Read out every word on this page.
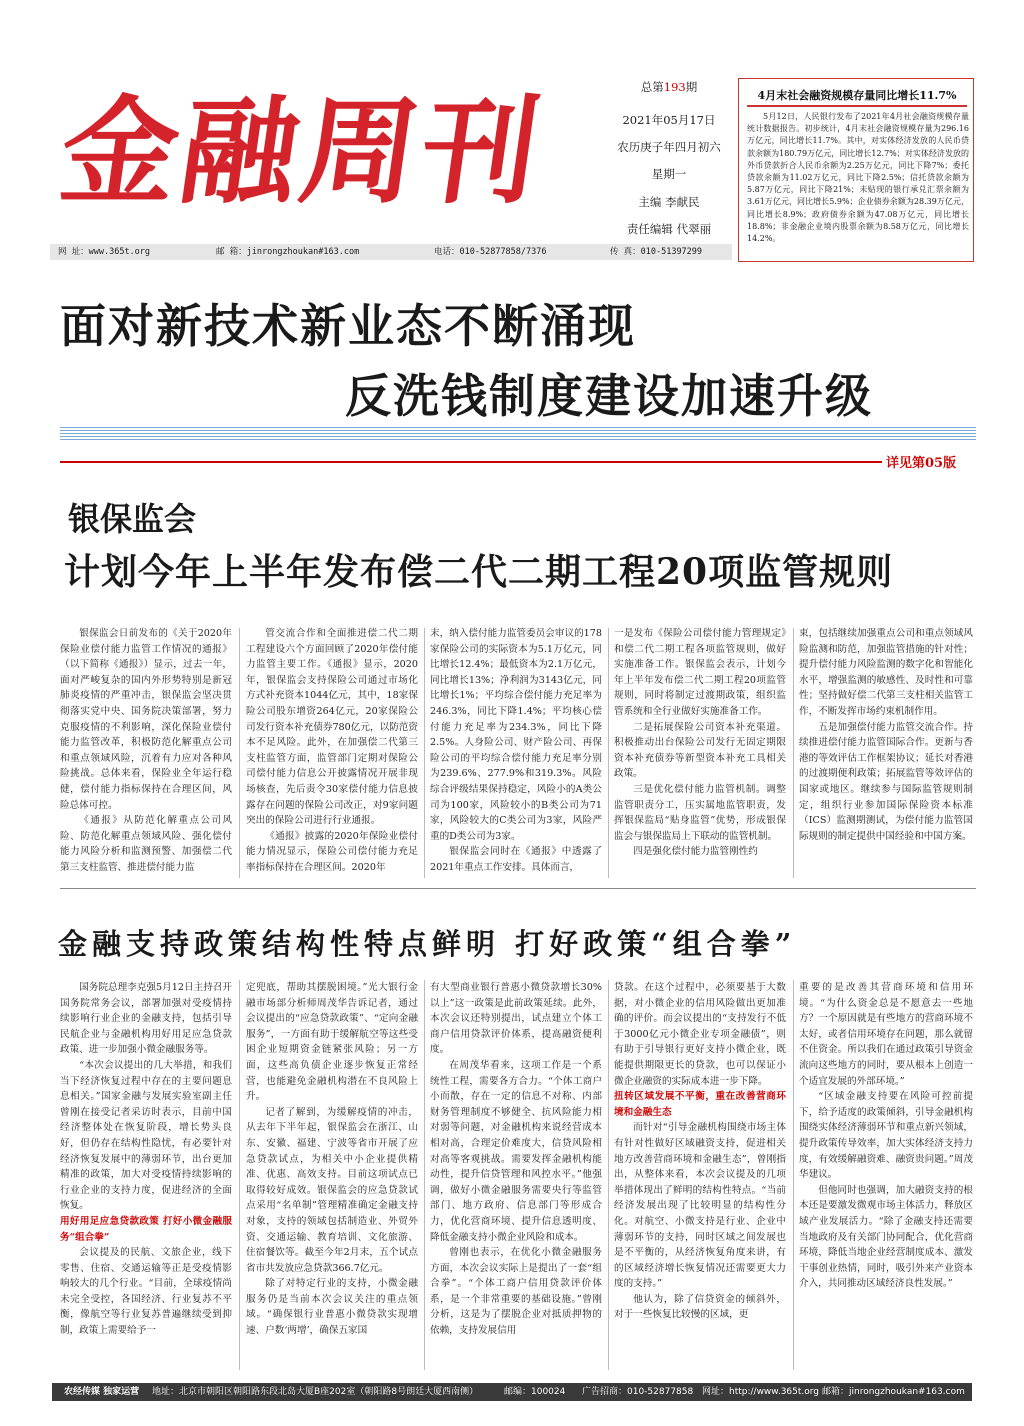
金融周刊	总第193期
2021年05月17日
农历庚子年四月初六
星期一
主编 李献民
责任编辑 代翠丽
4月末社会融资规模存量同比增长11.7%
5月12日，人民银行发布了2021年4月社会融资规模存量统计数据报告。初步统计，4月末社会融资规模存量为296.16万亿元，同比增长11.7%。其中，对实体经济发放的人民币贷款余额为180.79万亿元，同比增长12.7%；对实体经济发放的外币贷款折合人民币余额为2.25万亿元，同比下降7%；委托贷款余额为11.02万亿元，同比下降2.5%；信托贷款余额为5.87万亿元，同比下降21%；未贴现的银行承兑汇票余额为3.61万亿元，同比增长5.9%；企业债券余额为28.39万亿元，同比增长8.9%；政府债券余额为47.08万亿元，同比增长18.8%；非金融企业境内股票余额为8.58万亿元，同比增长14.2%。
网 址：www.365t.org	邮 箱：jinrongzhoukan#163.com	电话：010-52877858/7376	传 真：010-51397299
面对新技术新业态不断涌现
反洗钱制度建设加速升级
详见第05版
银保监会
计划今年上半年发布偿二代二期工程20项监管规则

银保监会日前发布的《关于2020年保险业偿付能力监管工作情况的通报》（以下简称《通报》）显示，过去一年，面对严峻复杂的国内外形势特别是新冠肺炎疫情的严重冲击，银保监会坚决贯彻落实党中央、国务院决策部署，努力克服疫情的不利影响，深化保险业偿付能力监管改革，积极防范化解重点公司和重点领域风险，沉着有力应对各种风险挑战。总体来看，保险业全年运行稳健，偿付能力指标保持在合理区间，风险总体可控。

《通报》从防范化解重点公司风险、防范化解重点领域风险、强化偿付能力风险分析和监测预警、加强偿二代第三支柱监管、推进偿付能力监

管交流合作和全面推进偿二代二期工程建设六个方面回顾了2020年偿付能力监管主要工作。《通报》显示，2020年，银保监会支持保险公司通过市场化方式补充资本1044亿元，其中，18家保险公司股东增资264亿元，20家保险公司发行资本补充债券780亿元，以防范资本不足风险。此外，在加强偿二代第三支柱监管方面，监管部门定期对保险公司偿付能力信息公开披露情况开展非现场核查，先后责令30家偿付能力信息披露存在问题的保险公司改正，对9家问题突出的保险公司进行行业通报。

《通报》披露的2020年保险业偿付能力情况显示，保险公司偿付能力充足率指标保持在合理区间。2020年

末，纳入偿付能力监管委员会审议的178家保险公司的实际资本为5.1万亿元，同比增长12.4%；最低资本为2.1万亿元，同比增长13%；净利润为3143亿元，同比增长1%；平均综合偿付能力充足率为246.3%，同比下降1.4%；平均核心偿付能力充足率为234.3%，同比下降2.5%。人身险公司、财产险公司、再保险公司的平均综合偿付能力充足率分别为239.6%、277.9%和319.3%。风险综合评级结果保持稳定，风险小的A类公司为100家，风险较小的B类公司为71家，风险较大的C类公司为3家，风险严重的D类公司为3家。

银保监会同时在《通报》中透露了2021年重点工作安排。具体而言，

一是发布《保险公司偿付能力管理规定》和偿二代二期工程各项监管规则，做好实施准备工作。银保监会表示，计划今年上半年发布偿二代二期工程20项监管规则，同时将制定过渡期政策，组织监管系统和全行业做好实施准备工作。

二是拓展保险公司资本补充渠道。积极推动出台保险公司发行无固定期限资本补充债券等新型资本补充工具相关政策。

三是优化偿付能力监管机制。调整监管职责分工，压实属地监管职责，发挥银保监局“贴身监管”优势，形成银保监会与银保监局上下联动的监管机制。

四是强化偿付能力监管刚性约

束，包括继续加强重点公司和重点领域风险监测和防范，加强监管措施的针对性；提升偿付能力风险监测的数字化和智能化水平，增强监测的敏感性、及时性和可靠性；坚持做好偿二代第三支柱相关监管工作，不断发挥市场约束机制作用。

五是加强偿付能力监管交流合作。持续推进偿付能力监管国际合作。更新与香港的等效评估工作框架协议；延长对香港的过渡期便利政策；拓展监管等效评估的国家或地区。继续参与国际监管规则制定，组织行业参加国际保险资本标准（ICS）监测期测试，为偿付能力监管国际规则的制定提供中国经验和中国方案。

金融支持政策结构性特点鲜明 打好政策“组合拳”

国务院总理李克强5月12日主持召开国务院常务会议，部署加强对受疫情持续影响行业企业的金融支持，包括引导民航企业与金融机构用好用足应急贷款政策、进一步加强小微金融服务等。

“本次会议提出的几大举措，和我们当下经济恢复过程中存在的主要问题息息相关。”国家金融与发展实验室副主任曾刚在接受记者采访时表示，目前中国经济整体处在恢复阶段，增长势头良好，但仍存在结构性隐忧，有必要针对经济恢复发展中的薄弱环节，出台更加精准的政策，加大对受疫情持续影响的行业企业的支持力度，促进经济的全面恢复。

用好用足应急贷款政策 打好小微金融服务“组合拳”

会议提及的民航、文旅企业，线下零售、住宿、交通运输等正是受疫情影响较大的几个行业。“目前，全球疫情尚未完全受控，各国经济、行业复苏不平衡，像航空等行业复苏普遍继续受到抑制，政策上需要给予一

定兜底，帮助其摆脱困境。”光大银行金融市场部分析师周茂华告诉记者，通过会议提出的“应急贷款政策”、“定向金融服务”，一方面有助于缓解航空等这些受困企业短期资金链紧张风险；另一方面，这些高负债企业逐步恢复正常经营，也能避免金融机构潜在不良风险上升。

记者了解到，为缓解疫情的冲击，从去年下半年起，银保监会在浙江、山东、安徽、福建、宁波等省市开展了应急贷款试点，为相关中小企业提供精准、优惠、高效支持。目前这项试点已取得较好成效。银保监会的应急贷款试点采用“名单制”管理精准确定金融支持对象，支持的领域包括制造业、外贸外资、交通运输、教育培训、文化旅游、住宿餐饮等。截至今年2月末，五个试点省市共发放应急贷款366.7亿元。

除了对特定行业的支持，小微金融服务仍是当前本次会议关注的重点领域。“确保银行业普惠小微贷款实现增速、户数‘两增’，确保五家国

有大型商业银行普惠小微贷款增长30%以上”这一政策是此前政策延续。此外，本次会议还特别提出，试点建立个体工商户信用贷款评价体系，提高融资便利度。

在周茂华看来，这项工作是一个系统性工程，需要各方合力。“个体工商户小而散，存在一定的信息不对称、内部财务管理制度不够健全、抗风险能力相对弱等问题，对金融机构来说经营成本相对高，合理定价难度大，信贷风险相对高等客观挑战。需要发挥金融机构能动性，提升信贷管理和风控水平。”他强调，做好小微金融服务需要央行等监管部门、地方政府、信息部门等形成合力，优化营商环境、提升信息透明度、降低金融支持小微企业风险和成本。

曾刚也表示，在优化小微金融服务方面，本次会议实际上是提出了一套“组合拳”。“个体工商户信用贷款评价体系，是一个非常重要的基础设施。”曾刚分析，这是为了摆脱企业对抵质押物的依赖，支持发展信用

贷款。在这个过程中，必须要基于大数据，对小微企业的信用风险做出更加准确的评价。而会议提出的“支持发行不低于3000亿元小微企业专项金融债”，则有助于引导银行更好支持小微企业，既能提供期限更长的贷款，也可以保证小微企业融资的实际成本进一步下降。

扭转区域发展不平衡，重在改善营商环境和金融生态

而针对“引导金融机构围绕市场主体有针对性做好区域融资支持，促进相关地方改善营商环境和金融生态”，曾刚指出，从整体来看，本次会议提及的几项举措体现出了鲜明的结构性特点。“当前经济发展出现了比较明显的结构性分化。对航空、小微支持是行业、企业中薄弱环节的支持，同时区域之间发展也是不平衡的，从经济恢复角度来讲，有的区域经济增长恢复情况还需要更大力度的支持。”

他认为，除了信贷资金的倾斜外，对于一些恢复比较慢的区域，更

重要的是改善其营商环境和信用环境。“为什么资金总是不愿意去一些地方？一个原因就是有些地方的营商环境不太好，或者信用环境存在问题，那么就留不住资金。所以我们在通过政策引导资金流向这些地方的同时，要从根本上创造一个适宜发展的外部环境。”

“区域金融支持要在风险可控前提下，给予适度的政策倾斜，引导金融机构围绕实体经济薄弱环节和重点新兴领域，提升政策传导效率，加大实体经济支持力度，有效缓解融资难、融资贵问题。”周茂华建议。

但他同时也强调，加大融资支持的根本还是要激发微观市场主体活力，释放区域产业发展活力。“除了金融支持还需要当地政府及有关部门协同配合，优化营商环境，降低当地企业经营制度成本、激发干事创业热情，同时，吸引外来产业资本介入，共同推动区域经济良性发展。”

农经传媒 独家运营 地址：北京市朝阳区朝阳路东段北岛大厦B座202室（朝阳路8号朗廷大厦西南侧）	邮编：100024 广告招商：010-52877858 网址：http://www.365t.org 邮箱：jinrongzhoukan#163.com
